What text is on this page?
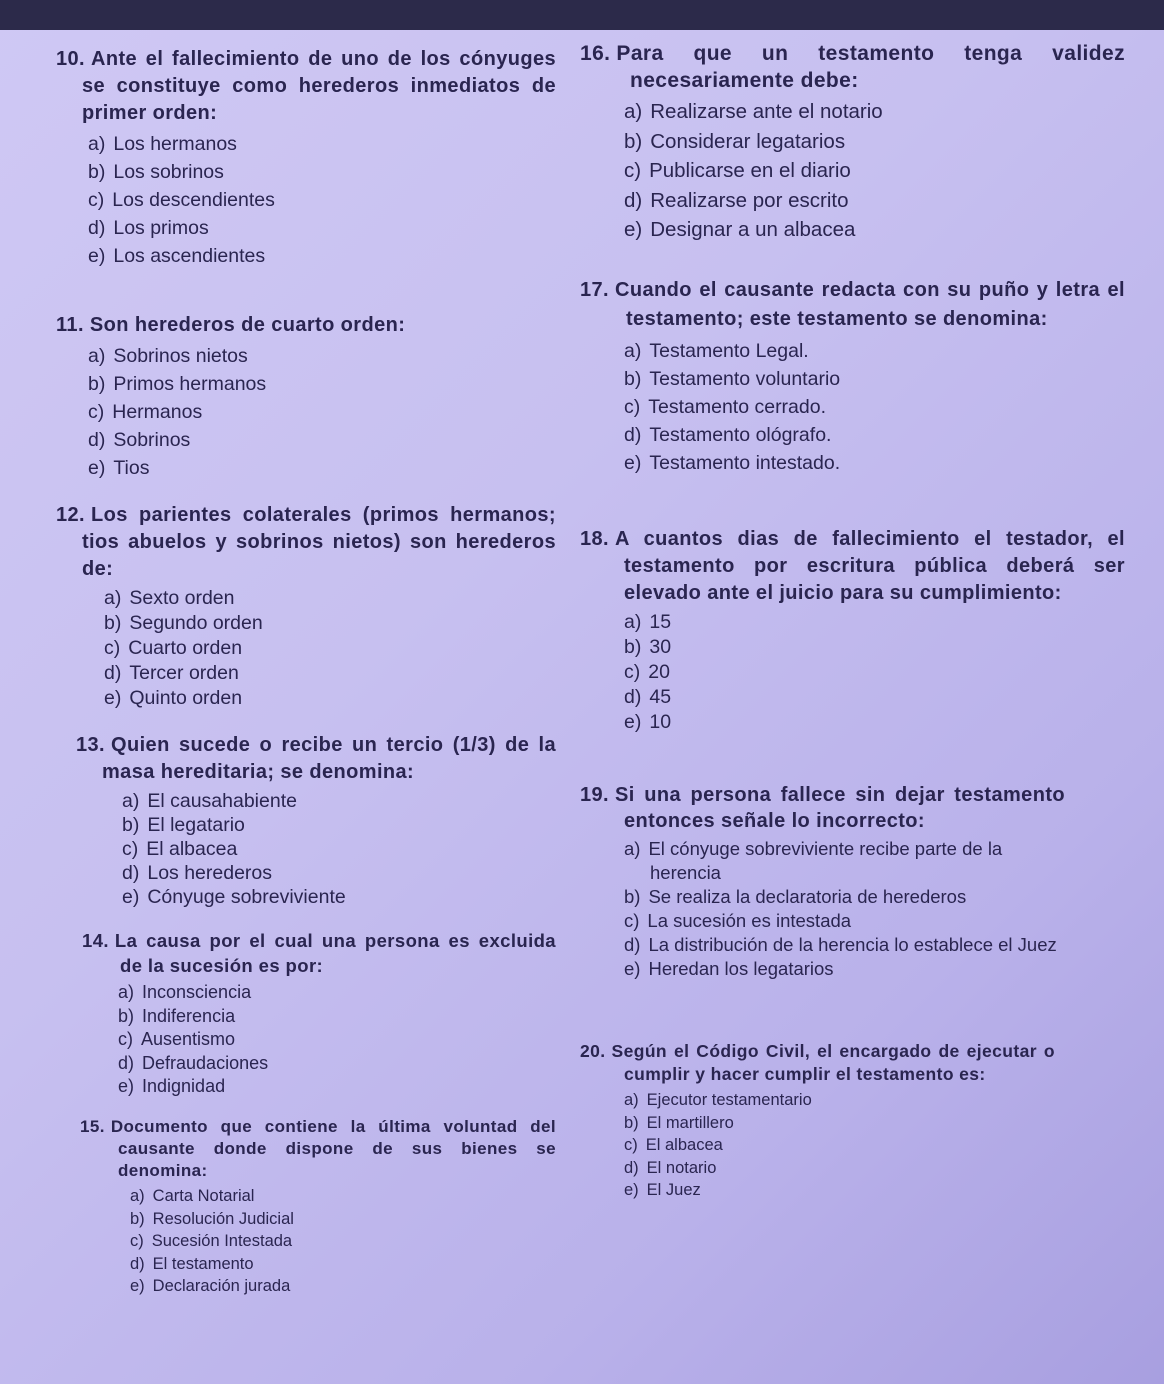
10. Ante el fallecimiento de uno de los cónyuges se constituye como herederos inmediatos de primer orden:
a) Los hermanos
b) Los sobrinos
c) Los descendientes
d) Los primos
e) Los ascendientes
11. Son herederos de cuarto orden:
a) Sobrinos nietos
b) Primos hermanos
c) Hermanos
d) Sobrinos
e) Tios
12. Los parientes colaterales (primos hermanos; tios abuelos y sobrinos nietos) son herederos de:
a) Sexto orden
b) Segundo orden
c) Cuarto orden
d) Tercer orden
e) Quinto orden
13. Quien sucede o recibe un tercio (1/3) de la masa hereditaria; se denomina:
a) El causahabiente
b) El legatario
c) El albacea
d) Los herederos
e) Cónyuge sobreviviente
14. La causa por el cual una persona es excluida de la sucesión es por:
a) Inconsciencia
b) Indiferencia
c) Ausentismo
d) Defraudaciones
e) Indignidad
15. Documento que contiene la última voluntad del causante donde dispone de sus bienes se denomina:
a) Carta Notarial
b) Resolución Judicial
c) Sucesión Intestada
d) El testamento
e) Declaración jurada
16. Para que un testamento tenga validez necesariamente debe:
a) Realizarse ante el notario
b) Considerar legatarios
c) Publicarse en el diario
d) Realizarse por escrito
e) Designar a un albacea
17. Cuando el causante redacta con su puño y letra el testamento; este testamento se denomina:
a) Testamento Legal.
b) Testamento voluntario
c) Testamento cerrado.
d) Testamento ológrafo.
e) Testamento intestado.
18. A cuantos dias de fallecimiento el testador, el testamento por escritura pública deberá ser elevado ante el juicio para su cumplimiento:
a) 15
b) 30
c) 20
d) 45
e) 10
19. Si una persona fallece sin dejar testamento entonces señale lo incorrecto:
a) El cónyuge sobreviviente recibe parte de la herencia
b) Se realiza la declaratoria de herederos
c) La sucesión es intestada
d) La distribución de la herencia lo establece el Juez
e) Heredan los legatarios
20. Según el Código Civil, el encargado de ejecutar o cumplir y hacer cumplir el testamento es:
a) Ejecutor testamentario
b) El martillero
c) El albacea
d) El notario
e) El Juez
